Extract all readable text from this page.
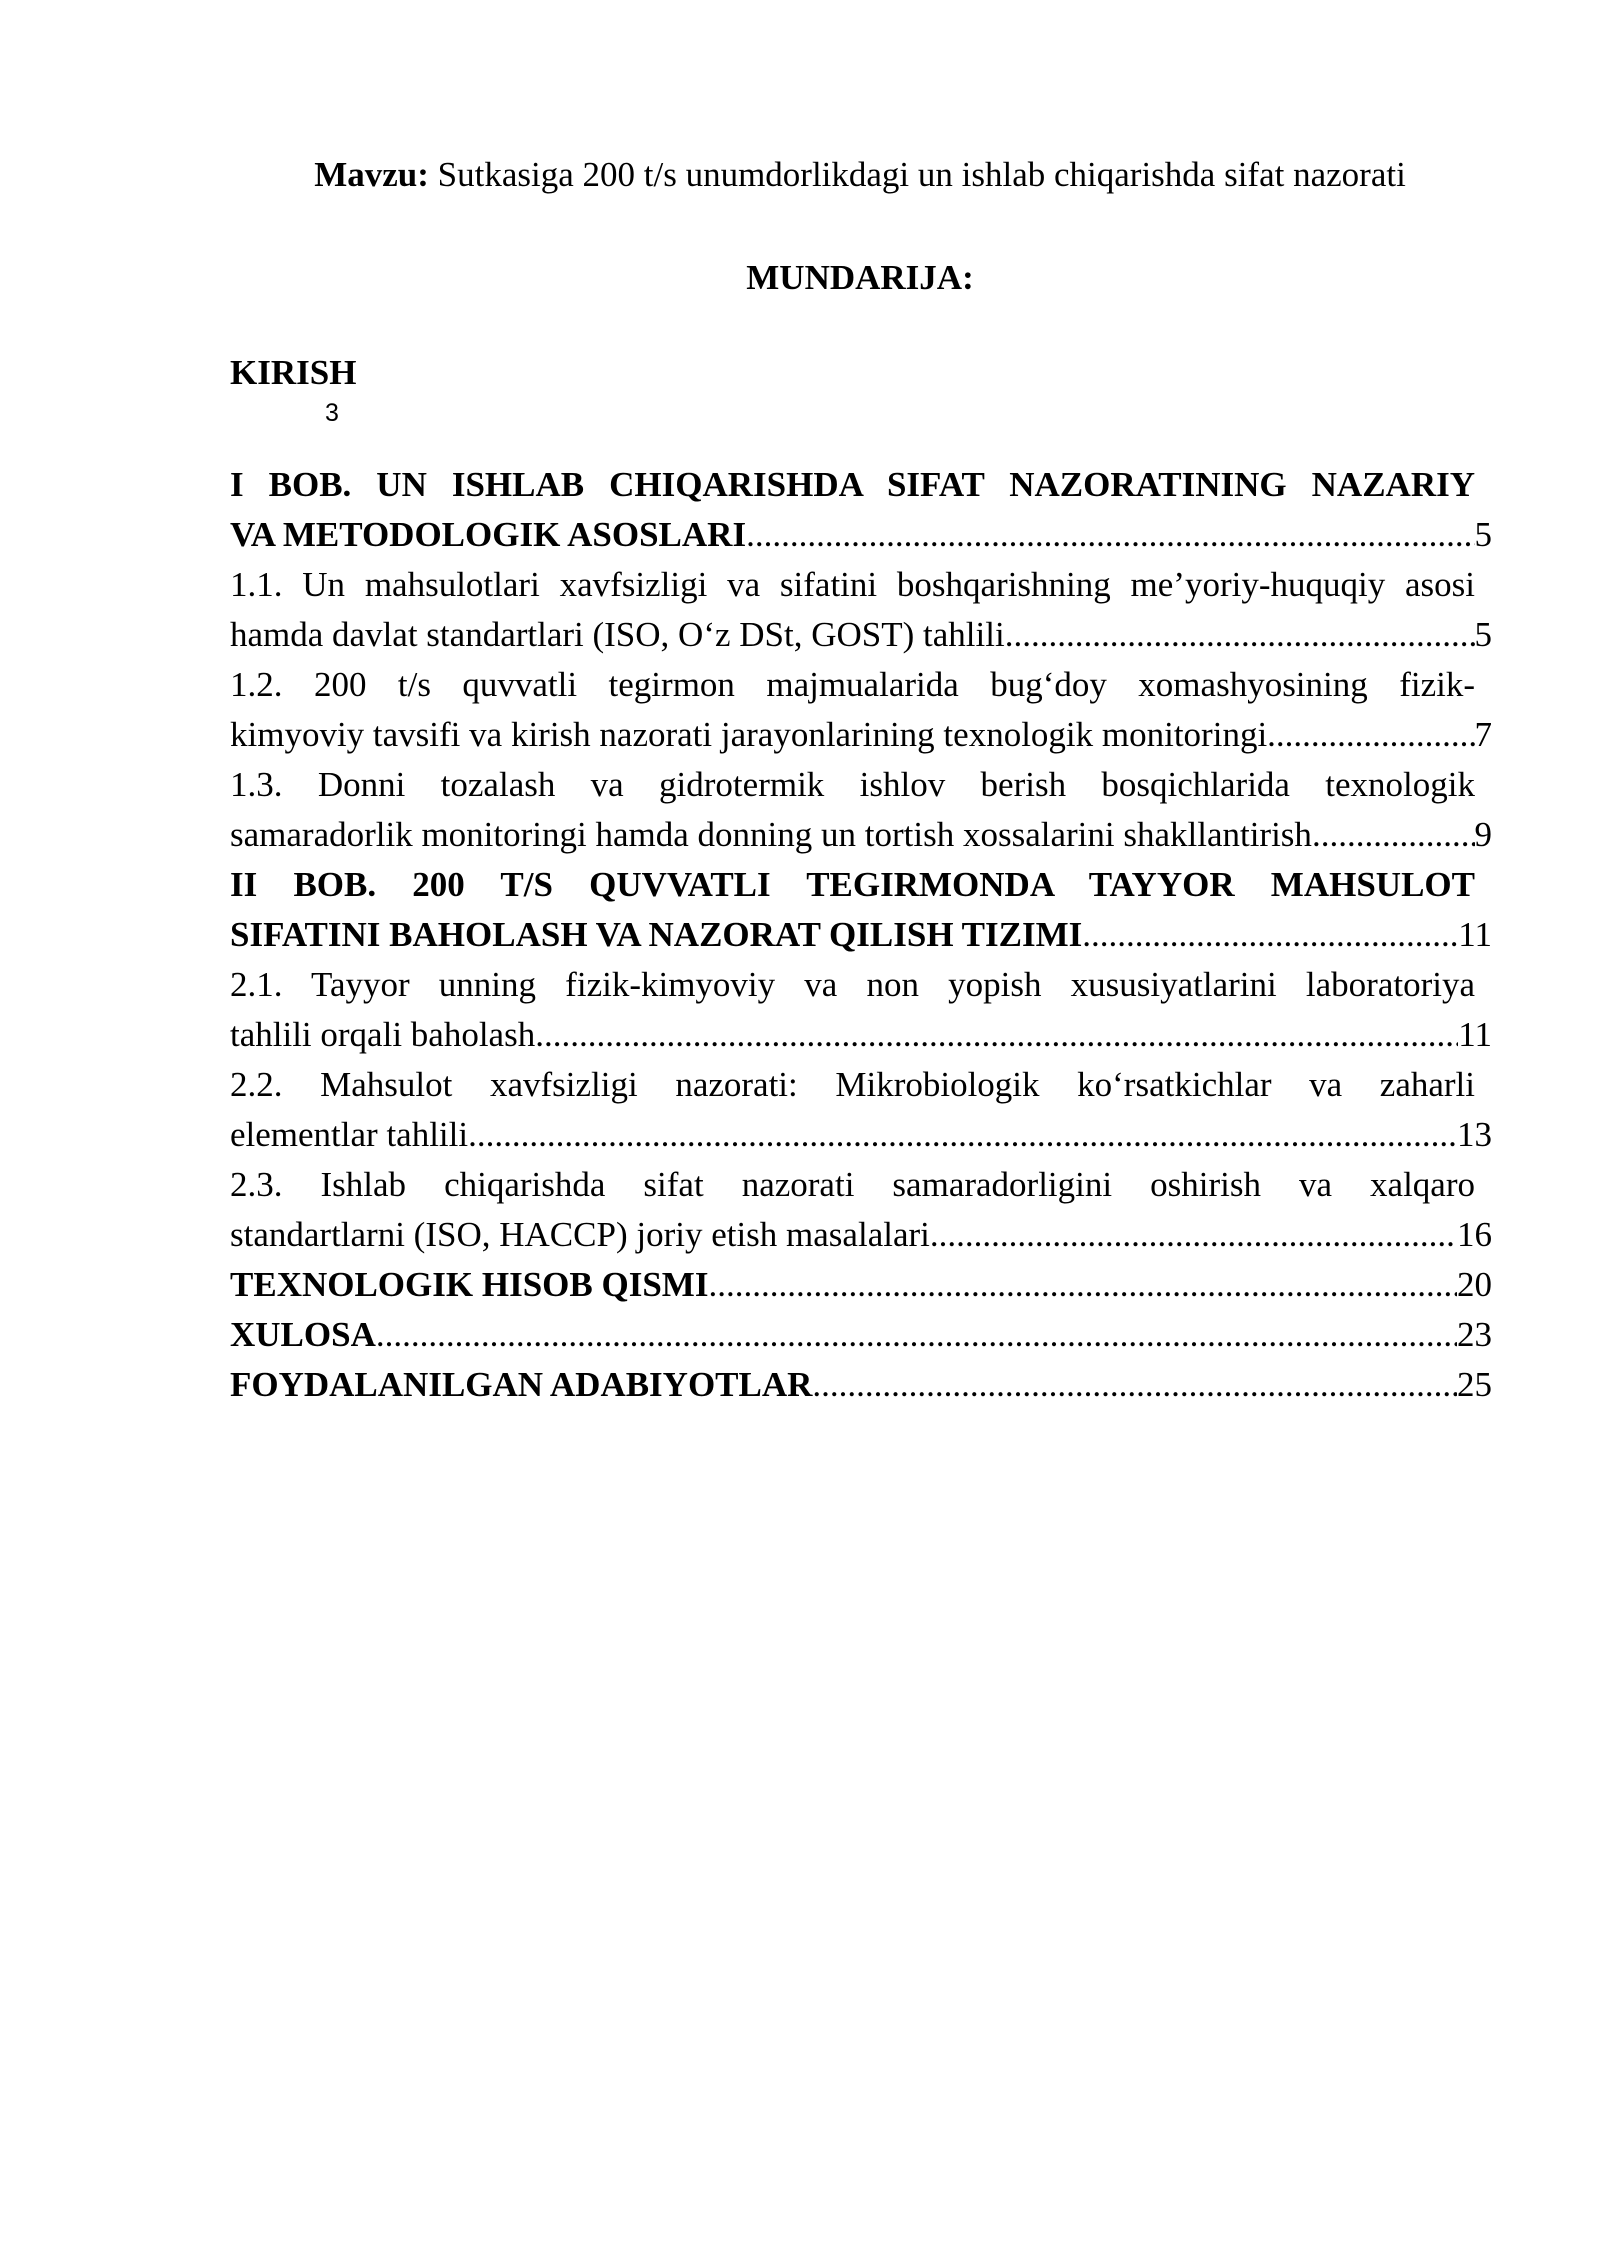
Mavzu: Sutkasiga 200 t/s unumdorlikdagi un ishlab chiqarishda sifat nazorati
MUNDARIJA:
KIRISH
3
I BOB. UN ISHLAB CHIQARISHDA SIFAT NAZORATINING NAZARIY
VA METODOLOGIK ASOSLARI .....	5
1.1. Un mahsulotlari xavfsizligi va sifatini boshqarishning me’yoriy-huquqiy asosi
hamda davlat standartlari (ISO, O‘z DSt, GOST) tahlili .....	5
1.2. 200 t/s quvvatli tegirmon majmualarida bug‘doy xomashyosining fizik-
kimyoviy tavsifi va kirish nazorati jarayonlarining texnologik monitoringi .....	7
1.3. Donni tozalash va gidrotermik ishlov berish bosqichlarida texnologik
samaradorlik monitoringi hamda donning un tortish xossalarini shakllantirish .....	9
II BOB. 200 T/S QUVVATLI TEGIRMONDA TAYYOR MAHSULOT
SIFATINI BAHOLASH VA NAZORAT QILISH TIZIMI .....	11
2.1. Tayyor unning fizik-kimyoviy va non yopish xususiyatlarini laboratoriya
tahlili orqali baholash .....	11
2.2. Mahsulot xavfsizligi nazorati: Mikrobiologik ko‘rsatkichlar va zaharli
elementlar tahlili .....	13
2.3. Ishlab chiqarishda sifat nazorati samaradorligini oshirish va xalqaro
standartlarni (ISO, HACCP) joriy etish masalalari .....	16
TEXNOLOGIK HISOB QISMI .....	20
XULOSA .....	23
FOYDALANILGAN ADABIYOTLAR .....	25
